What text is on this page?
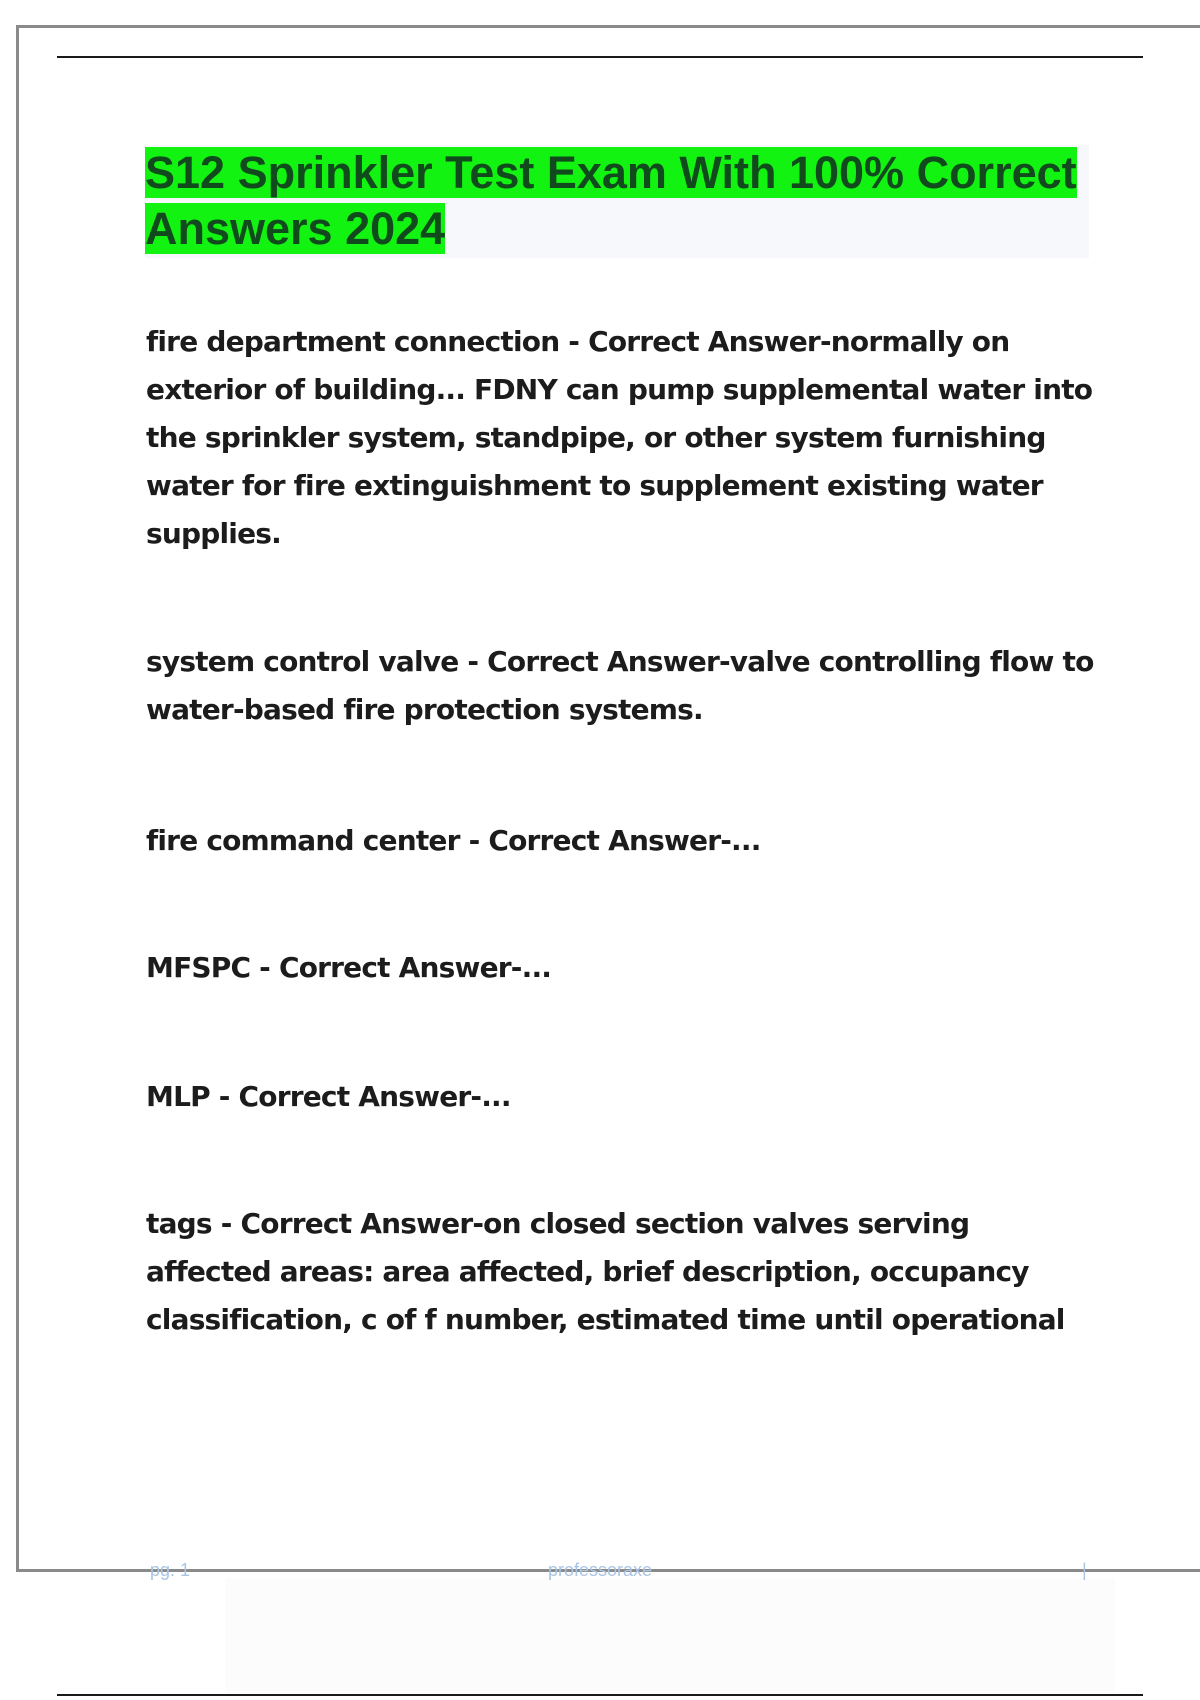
S12 Sprinkler Test Exam With 100% Correct Answers 2024

fire department connection - Correct Answer-normally on exterior of building... FDNY can pump supplemental water into the sprinkler system, standpipe, or other system furnishing water for fire extinguishment to supplement existing water supplies.

system control valve - Correct Answer-valve controlling flow to water-based fire protection systems.

fire command center - Correct Answer-...

MFSPC - Correct Answer-...

MLP - Correct Answer-...

tags - Correct Answer-on closed section valves serving affected areas: area affected, brief description, occupancy classification, c of f number, estimated time until operational

pg. 1	professoraxe	|
